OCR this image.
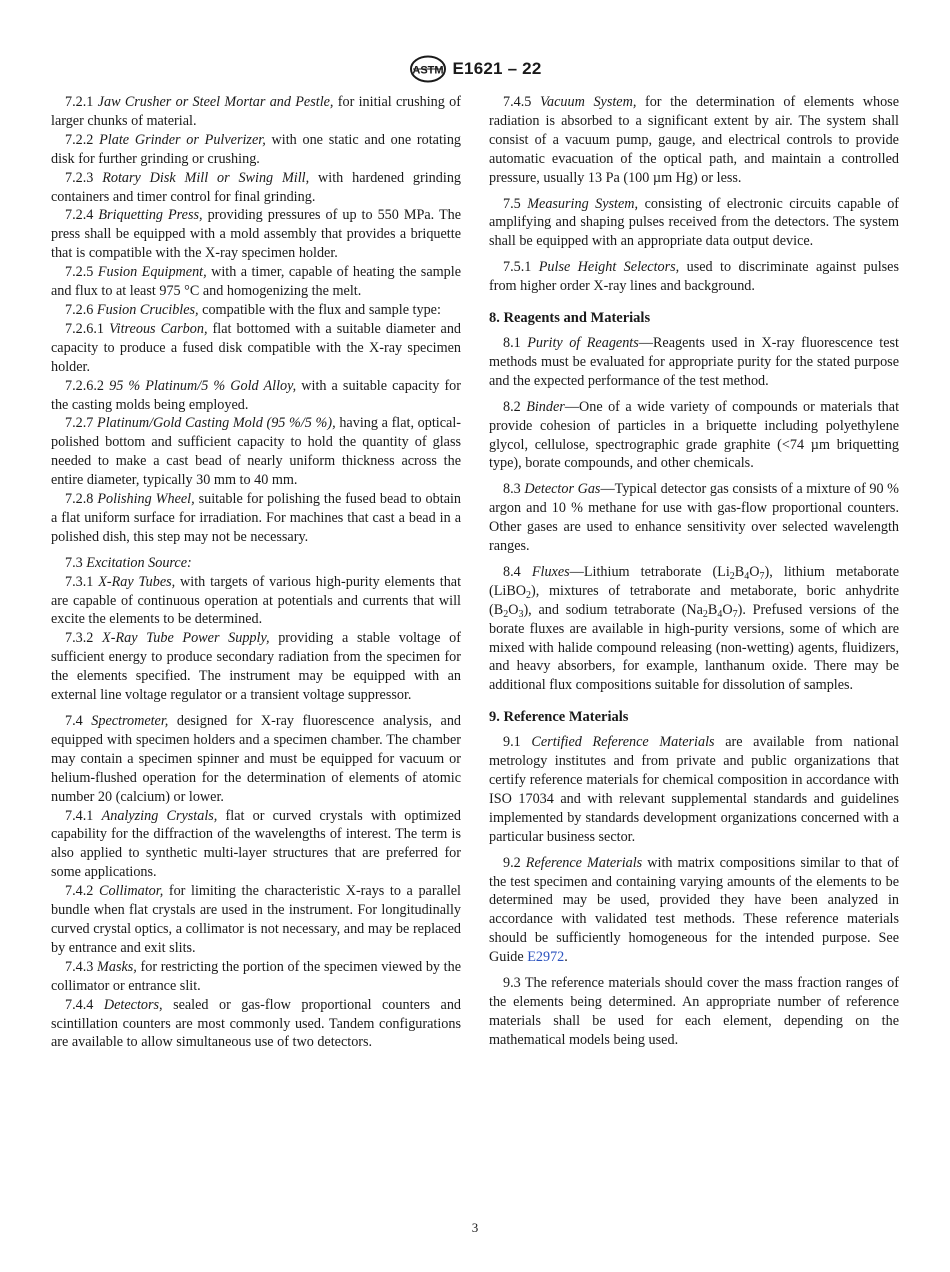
ASTM E1621 – 22

7.2.1 Jaw Crusher or Steel Mortar and Pestle, for initial crushing of larger chunks of material.

7.2.2 Plate Grinder or Pulverizer, with one static and one rotating disk for further grinding or crushing.

7.2.3 Rotary Disk Mill or Swing Mill, with hardened grinding containers and timer control for final grinding.

7.2.4 Briquetting Press, providing pressures of up to 550 MPa. The press shall be equipped with a mold assembly that provides a briquette that is compatible with the X-ray specimen holder.

7.2.5 Fusion Equipment, with a timer, capable of heating the sample and flux to at least 975 °C and homogenizing the melt.

7.2.6 Fusion Crucibles, compatible with the flux and sample type:

7.2.6.1 Vitreous Carbon, flat bottomed with a suitable diameter and capacity to produce a fused disk compatible with the X-ray specimen holder.

7.2.6.2 95 % Platinum/5 % Gold Alloy, with a suitable capacity for the casting molds being employed.

7.2.7 Platinum/Gold Casting Mold (95 %/5 %), having a flat, optical-polished bottom and sufficient capacity to hold the quantity of glass needed to make a cast bead of nearly uniform thickness across the entire diameter, typically 30 mm to 40 mm.

7.2.8 Polishing Wheel, suitable for polishing the fused bead to obtain a flat uniform surface for irradiation. For machines that cast a bead in a polished dish, this step may not be necessary.

7.3 Excitation Source:

7.3.1 X-Ray Tubes, with targets of various high-purity elements that are capable of continuous operation at potentials and currents that will excite the elements to be determined.

7.3.2 X-Ray Tube Power Supply, providing a stable voltage of sufficient energy to produce secondary radiation from the specimen for the elements specified. The instrument may be equipped with an external line voltage regulator or a transient voltage suppressor.

7.4 Spectrometer, designed for X-ray fluorescence analysis, and equipped with specimen holders and a specimen chamber. The chamber may contain a specimen spinner and must be equipped for vacuum or helium-flushed operation for the determination of elements of atomic number 20 (calcium) or lower.

7.4.1 Analyzing Crystals, flat or curved crystals with optimized capability for the diffraction of the wavelengths of interest. The term is also applied to synthetic multi-layer structures that are preferred for some applications.

7.4.2 Collimator, for limiting the characteristic X-rays to a parallel bundle when flat crystals are used in the instrument. For longitudinally curved crystal optics, a collimator is not necessary, and may be replaced by entrance and exit slits.

7.4.3 Masks, for restricting the portion of the specimen viewed by the collimator or entrance slit.

7.4.4 Detectors, sealed or gas-flow proportional counters and scintillation counters are most commonly used. Tandem configurations are available to allow simultaneous use of two detectors.

7.4.5 Vacuum System, for the determination of elements whose radiation is absorbed to a significant extent by air. The system shall consist of a vacuum pump, gauge, and electrical controls to provide automatic evacuation of the optical path, and maintain a controlled pressure, usually 13 Pa (100 µm Hg) or less.

7.5 Measuring System, consisting of electronic circuits capable of amplifying and shaping pulses received from the detectors. The system shall be equipped with an appropriate data output device.

7.5.1 Pulse Height Selectors, used to discriminate against pulses from higher order X-ray lines and background.

8. Reagents and Materials

8.1 Purity of Reagents—Reagents used in X-ray fluorescence test methods must be evaluated for appropriate purity for the stated purpose and the expected performance of the test method.

8.2 Binder—One of a wide variety of compounds or materials that provide cohesion of particles in a briquette including polyethylene glycol, cellulose, spectrographic grade graphite (<74 µm briquetting type), borate compounds, and other chemicals.

8.3 Detector Gas—Typical detector gas consists of a mixture of 90 % argon and 10 % methane for use with gas-flow proportional counters. Other gases are used to enhance sensitivity over selected wavelength ranges.

8.4 Fluxes—Lithium tetraborate $(Li_2B_4O_7)$, lithium metaborate (LiBO$_2$), mixtures of tetraborate and metaborate, boric anhydrite $(B_2O_3)$, and sodium tetraborate $(Na_2B_4O_7)$. Prefused versions of the borate fluxes are available in high-purity versions, some of which are mixed with halide compound releasing (non-wetting) agents, fluidizers, and heavy absorbers, for example, lanthanum oxide. There may be additional flux compositions suitable for dissolution of samples.

9. Reference Materials

9.1 Certified Reference Materials are available from national metrology institutes and from private and public organizations that certify reference materials for chemical composition in accordance with ISO 17034 and with relevant supplemental standards and guidelines implemented by standards development organizations concerned with a particular business sector.

9.2 Reference Materials with matrix compositions similar to that of the test specimen and containing varying amounts of the elements to be determined may be used, provided they have been analyzed in accordance with validated test methods. These reference materials should be sufficiently homogeneous for the intended purpose. See Guide E2972.

9.3 The reference materials should cover the mass fraction ranges of the elements being determined. An appropriate number of reference materials shall be used for each element, depending on the mathematical models being used.

3
